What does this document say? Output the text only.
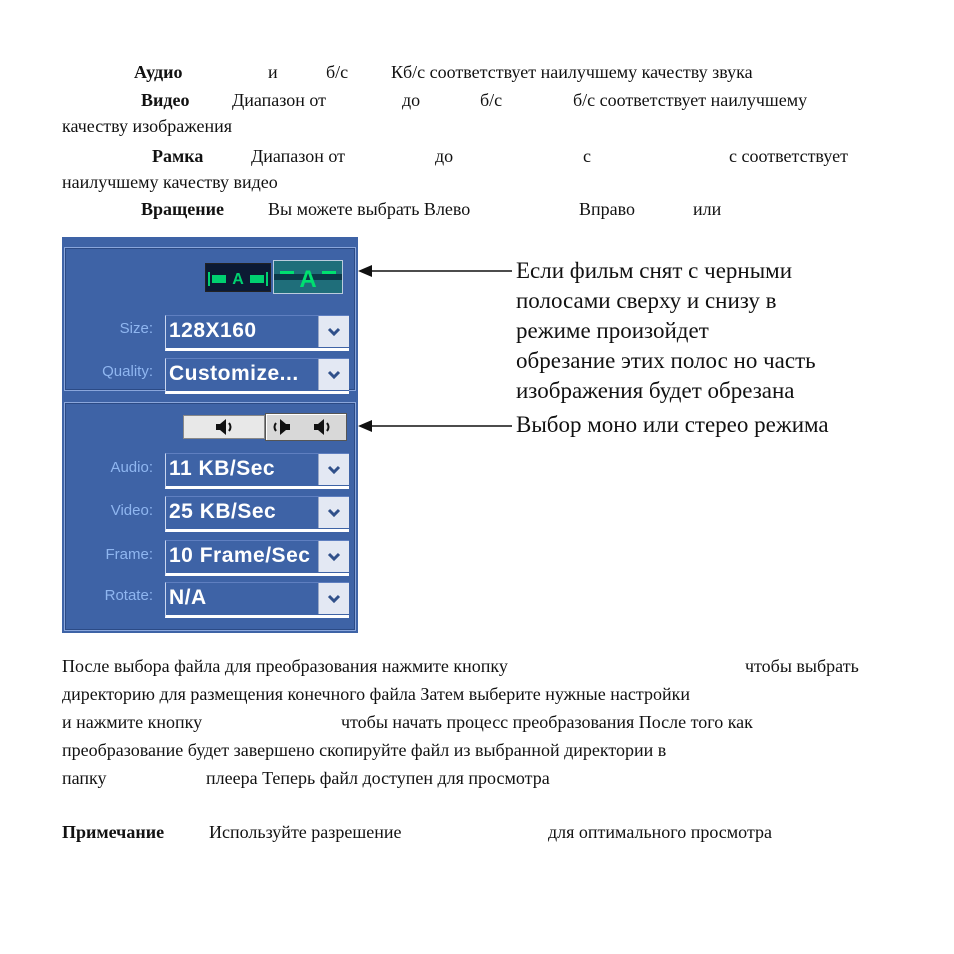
Аудио	и	б/с Кб/с соответствует наилучшему качеству звука
Видео Диапазон от	до	б/с	б/с соответствует наилучшему
качеству изображения
Рамка	Диапазон от	до	с	с соответствует
наилучшему качеству видео
Вращение Вы можете выбрать Влево	Вправо	или
A A
Size: 128X160
Quality: Customize...
Audio: 11 KB/Sec
Video: 25 KB/Sec
Frame: 10 Frame/Sec
Rotate: N/A
Если фильм снят с черными
полосами сверху и снизу в
режиме произойдет
обрезание этих полос но часть
изображения будет обрезана
Выбор моно или стерео режима
После выбора файла для преобразования нажмите кнопку	чтобы выбрать
директорию для размещения конечного файла Затем выберите нужные настройки
и нажмите кнопку	чтобы начать процесс преобразования После того как
преобразование будет завершено скопируйте файл из выбранной директории в
папку	плеера Теперь файл доступен для просмотра
Примечание Используйте разрешение	для оптимального просмотра
